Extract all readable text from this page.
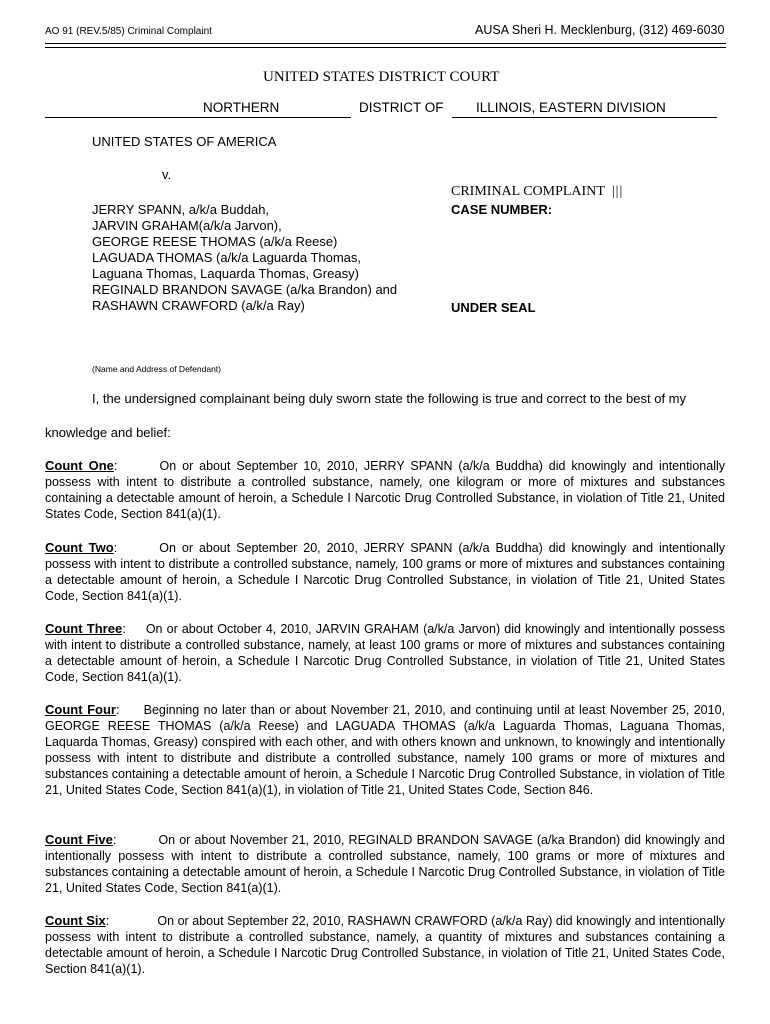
AO 91 (REV.5/85) Criminal Complaint	AUSA Sheri H. Mecklenburg, (312) 469-6030
UNITED STATES DISTRICT COURT
NORTHERN	DISTRICT OF ILLINOIS, EASTERN DIVISION
UNITED STATES OF AMERICA
v.
JERRY SPANN, a/k/a Buddah,
JARVIN GRAHAM(a/k/a Jarvon),
GEORGE REESE THOMAS (a/k/a Reese)
LAGUADA THOMAS (a/k/a Laguarda Thomas,
Laguana Thomas, Laquarda Thomas, Greasy)
REGINALD BRANDON SAVAGE (a/ka Brandon) and
RASHAWN CRAWFORD (a/k/a Ray)
CRIMINAL COMPLAINT |||
CASE NUMBER:
UNDER SEAL
(Name and Address of Defendant)
I, the undersigned complainant being duly sworn state the following is true and correct to the best of my
knowledge and belief:
Count One:	On or about September 10, 2010, JERRY SPANN (a/k/a Buddha) did knowingly and intentionally possess with intent to distribute a controlled substance, namely, one kilogram or more of mixtures and substances containing a detectable amount of heroin, a Schedule I Narcotic Drug Controlled Substance, in violation of Title 21, United States Code, Section 841(a)(1).
Count Two:	On or about September 20, 2010, JERRY SPANN (a/k/a Buddha) did knowingly and intentionally possess with intent to distribute a controlled substance, namely, 100 grams or more of mixtures and substances containing a detectable amount of heroin, a Schedule I Narcotic Drug Controlled Substance, in violation of Title 21, United States Code, Section 841(a)(1).
Count Three: On or about October 4, 2010, JARVIN GRAHAM (a/k/a Jarvon) did knowingly and intentionally possess with intent to distribute a controlled substance, namely, at least 100 grams or more of mixtures and substances containing a detectable amount of heroin, a Schedule I Narcotic Drug Controlled Substance, in violation of Title 21, United States Code, Section 841(a)(1).
Count Four: Beginning no later than or about November 21, 2010, and continuing until at least November 25, 2010, GEORGE REESE THOMAS (a/k/a Reese) and LAGUADA THOMAS (a/k/a Laguarda Thomas, Laguana Thomas, Laquarda Thomas, Greasy) conspired with each other, and with others known and unknown, to knowingly and intentionally possess with intent to distribute and distribute a controlled substance, namely 100 grams or more of mixtures and substances containing a detectable amount of heroin, a Schedule I Narcotic Drug Controlled Substance, in violation of Title 21, United States Code, Section 841(a)(1), in violation of Title 21, United States Code, Section 846.
Count Five:	On or about November 21, 2010, REGINALD BRANDON SAVAGE (a/ka Brandon) did knowingly and intentionally possess with intent to distribute a controlled substance, namely, 100 grams or more of mixtures and substances containing a detectable amount of heroin, a Schedule I Narcotic Drug Controlled Substance, in violation of Title 21, United States Code, Section 841(a)(1).
Count Six:	On or about September 22, 2010, RASHAWN CRAWFORD (a/k/a Ray) did knowingly and intentionally possess with intent to distribute a controlled substance, namely, a quantity of mixtures and substances containing a detectable amount of heroin, a Schedule I Narcotic Drug Controlled Substance, in violation of Title 21, United States Code, Section 841(a)(1).
